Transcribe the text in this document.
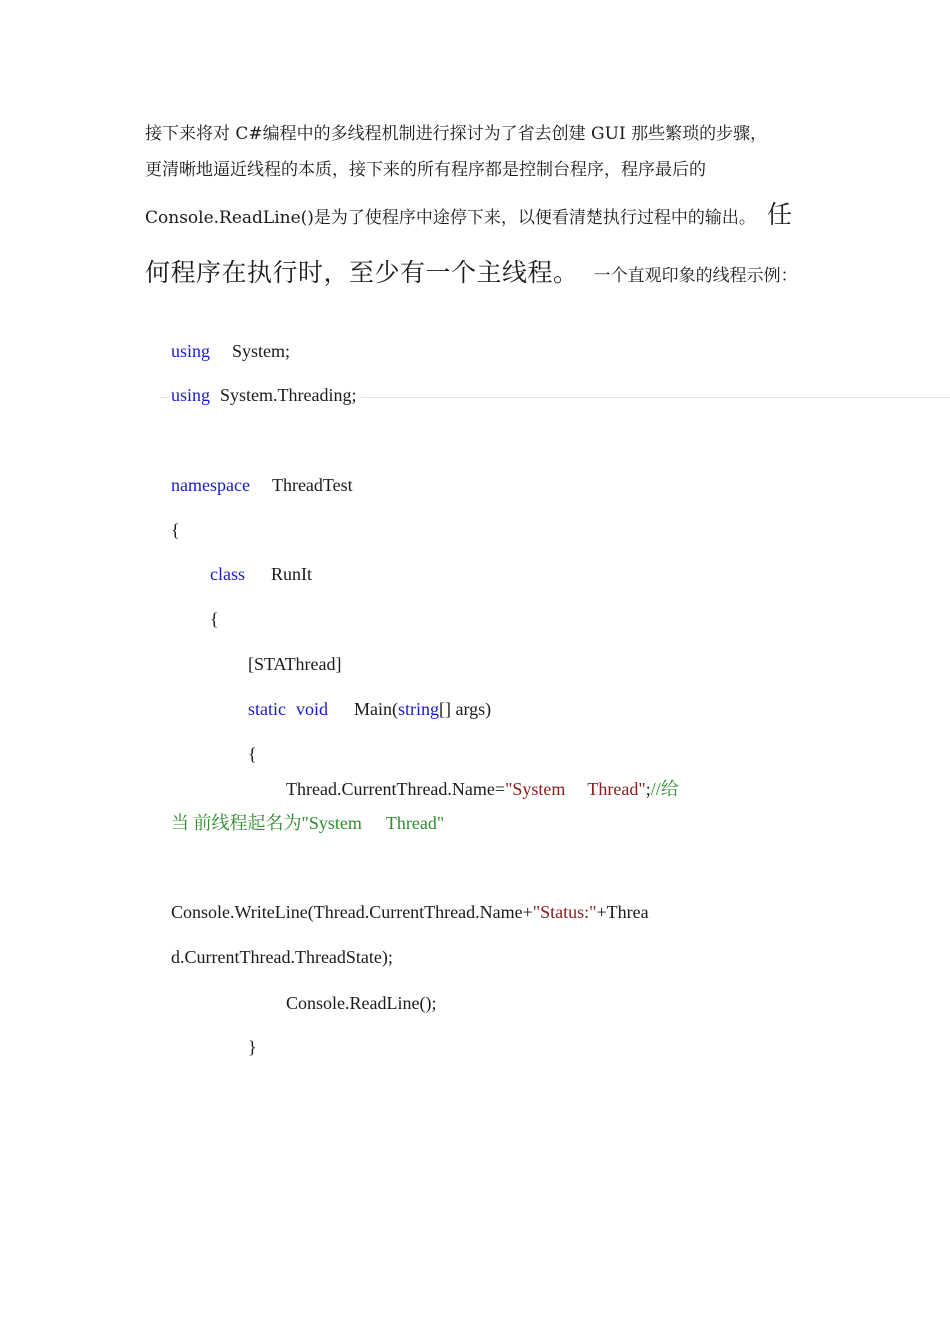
接下来将对 C#编程中的多线程机制进行探讨为了省去创建 GUI 那些繁琐的步骤，
更清晰地逼近线程的本质，接下来的所有程序都是控制台程序，程序最后的
Console.ReadLine()是为了使程序中途停下来，以便看清楚执行过程中的输出。 任
何程序在执行时，至少有一个主线程。 一个直观印象的线程示例：
using System;
using System.Threading;
namespace ThreadTest
{
class RunIt
{
[STAThread]
static void Main(string[] args)
{
Thread.CurrentThread.Name="System Thread";//给
当 前线程起名为"System Thread"
Console.WriteLine(Thread.CurrentThread.Name+"Status:"+Threa
d.CurrentThread.ThreadState);
Console.ReadLine();
}
